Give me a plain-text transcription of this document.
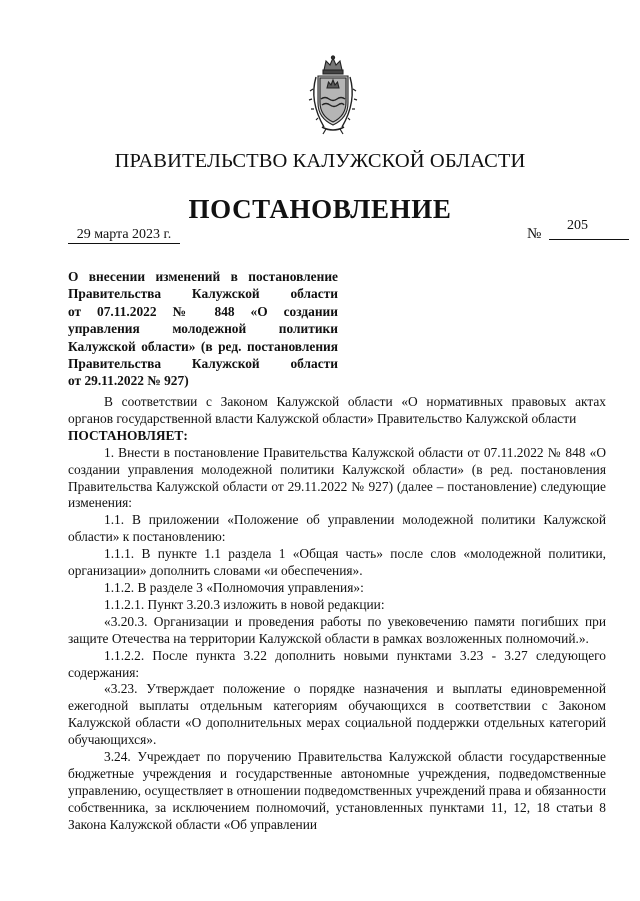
ПРАВИТЕЛЬСТВО КАЛУЖСКОЙ ОБЛАСТИ
ПОСТАНОВЛЕНИЕ
29 марта 2023 г.	№
205

О внесении изменений в постановление

Правительства Калужской области

от 07.11.2022 № 848 «О создании

управления молодежной политики

Калужской области» (в ред. постановления

Правительства Калужской области

от 29.11.2022 № 927)

В соответствии с Законом Калужской области «О нормативных правовых актах органов государственной власти Калужской области» Правительство Калужской области

ПОСТАНОВЛЯЕТ:

1. Внести в постановление Правительства Калужской области от 07.11.2022 № 848 «О создании управления молодежной политики Калужской области» (в ред. постановления Правительства Калужской области от 29.11.2022 № 927) (далее – постановление) следующие изменения:

1.1. В приложении «Положение об управлении молодежной политики Калужской области» к постановлению:

1.1.1. В пункте 1.1 раздела 1 «Общая часть» после слов «молодежной политики, организации» дополнить словами «и обеспечения».

1.1.2. В разделе 3 «Полномочия управления»:

1.1.2.1. Пункт 3.20.3 изложить в новой редакции:

«3.20.3. Организации и проведения работы по увековечению памяти погибших при защите Отечества на территории Калужской области в рамках возложенных полномочий.».

1.1.2.2. После пункта 3.22 дополнить новыми пунктами 3.23 - 3.27 следующего содержания:

«3.23. Утверждает положение о порядке назначения и выплаты единовременной ежегодной выплаты отдельным категориям обучающихся в соответствии с Законом Калужской области «О дополнительных мерах социальной поддержки отдельных категорий обучающихся».

3.24. Учреждает по поручению Правительства Калужской области государственные бюджетные учреждения и государственные автономные учреждения, подведомственные управлению, осуществляет в отношении подведомственных учреждений права и обязанности собственника, за исключением полномочий, установленных пунктами 11, 12, 18 статьи 8 Закона Калужской области «Об управлении
